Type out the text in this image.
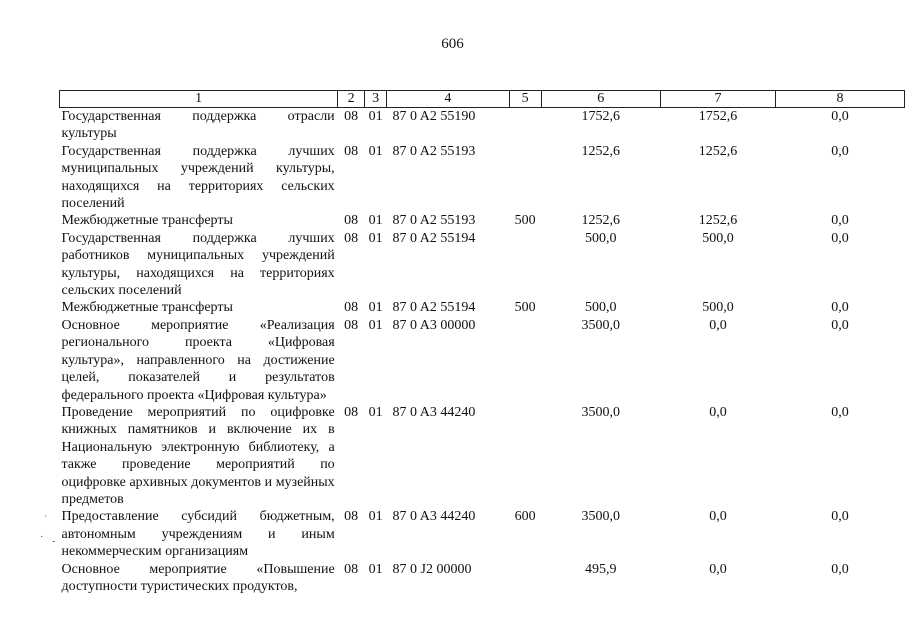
606
1	2	3	4	5	6	7	8
Государственная поддержка отрасли культуры	08	01	87 0 A2 55190		1752,6	1752,6	0,0
Государственная поддержка лучших муниципальных учреждений культуры, находящихся на территориях сельских поселений	08	01	87 0 A2 55193		1252,6	1252,6	0,0
Межбюджетные трансферты	08	01	87 0 A2 55193	500	1252,6	1252,6	0,0
Государственная поддержка лучших работников муниципальных учреждений культуры, находящихся на территориях сельских поселений	08	01	87 0 A2 55194		500,0	500,0	0,0
Межбюджетные трансферты	08	01	87 0 A2 55194	500	500,0	500,0	0,0
Основное мероприятие «Реализация регионального проекта «Цифровая культура», направленного на достижение целей, показателей и результатов федерального проекта «Цифровая культура»	08	01	87 0 A3 00000		3500,0	0,0	0,0
Проведение мероприятий по оцифровке книжных памятников и включение их в Национальную электронную библиотеку, а также проведение мероприятий по оцифровке архивных документов и музейных предметов	08	01	87 0 A3 44240		3500,0	0,0	0,0
Предоставление субсидий бюджетным, автономным учреждениям и иным некоммерческим организациям	08	01	87 0 A3 44240	600	3500,0	0,0	0,0
Основное мероприятие «Повышение доступности туристических продуктов,	08	01	87 0 J2 00000		495,9	0,0	0,0
´
· -
